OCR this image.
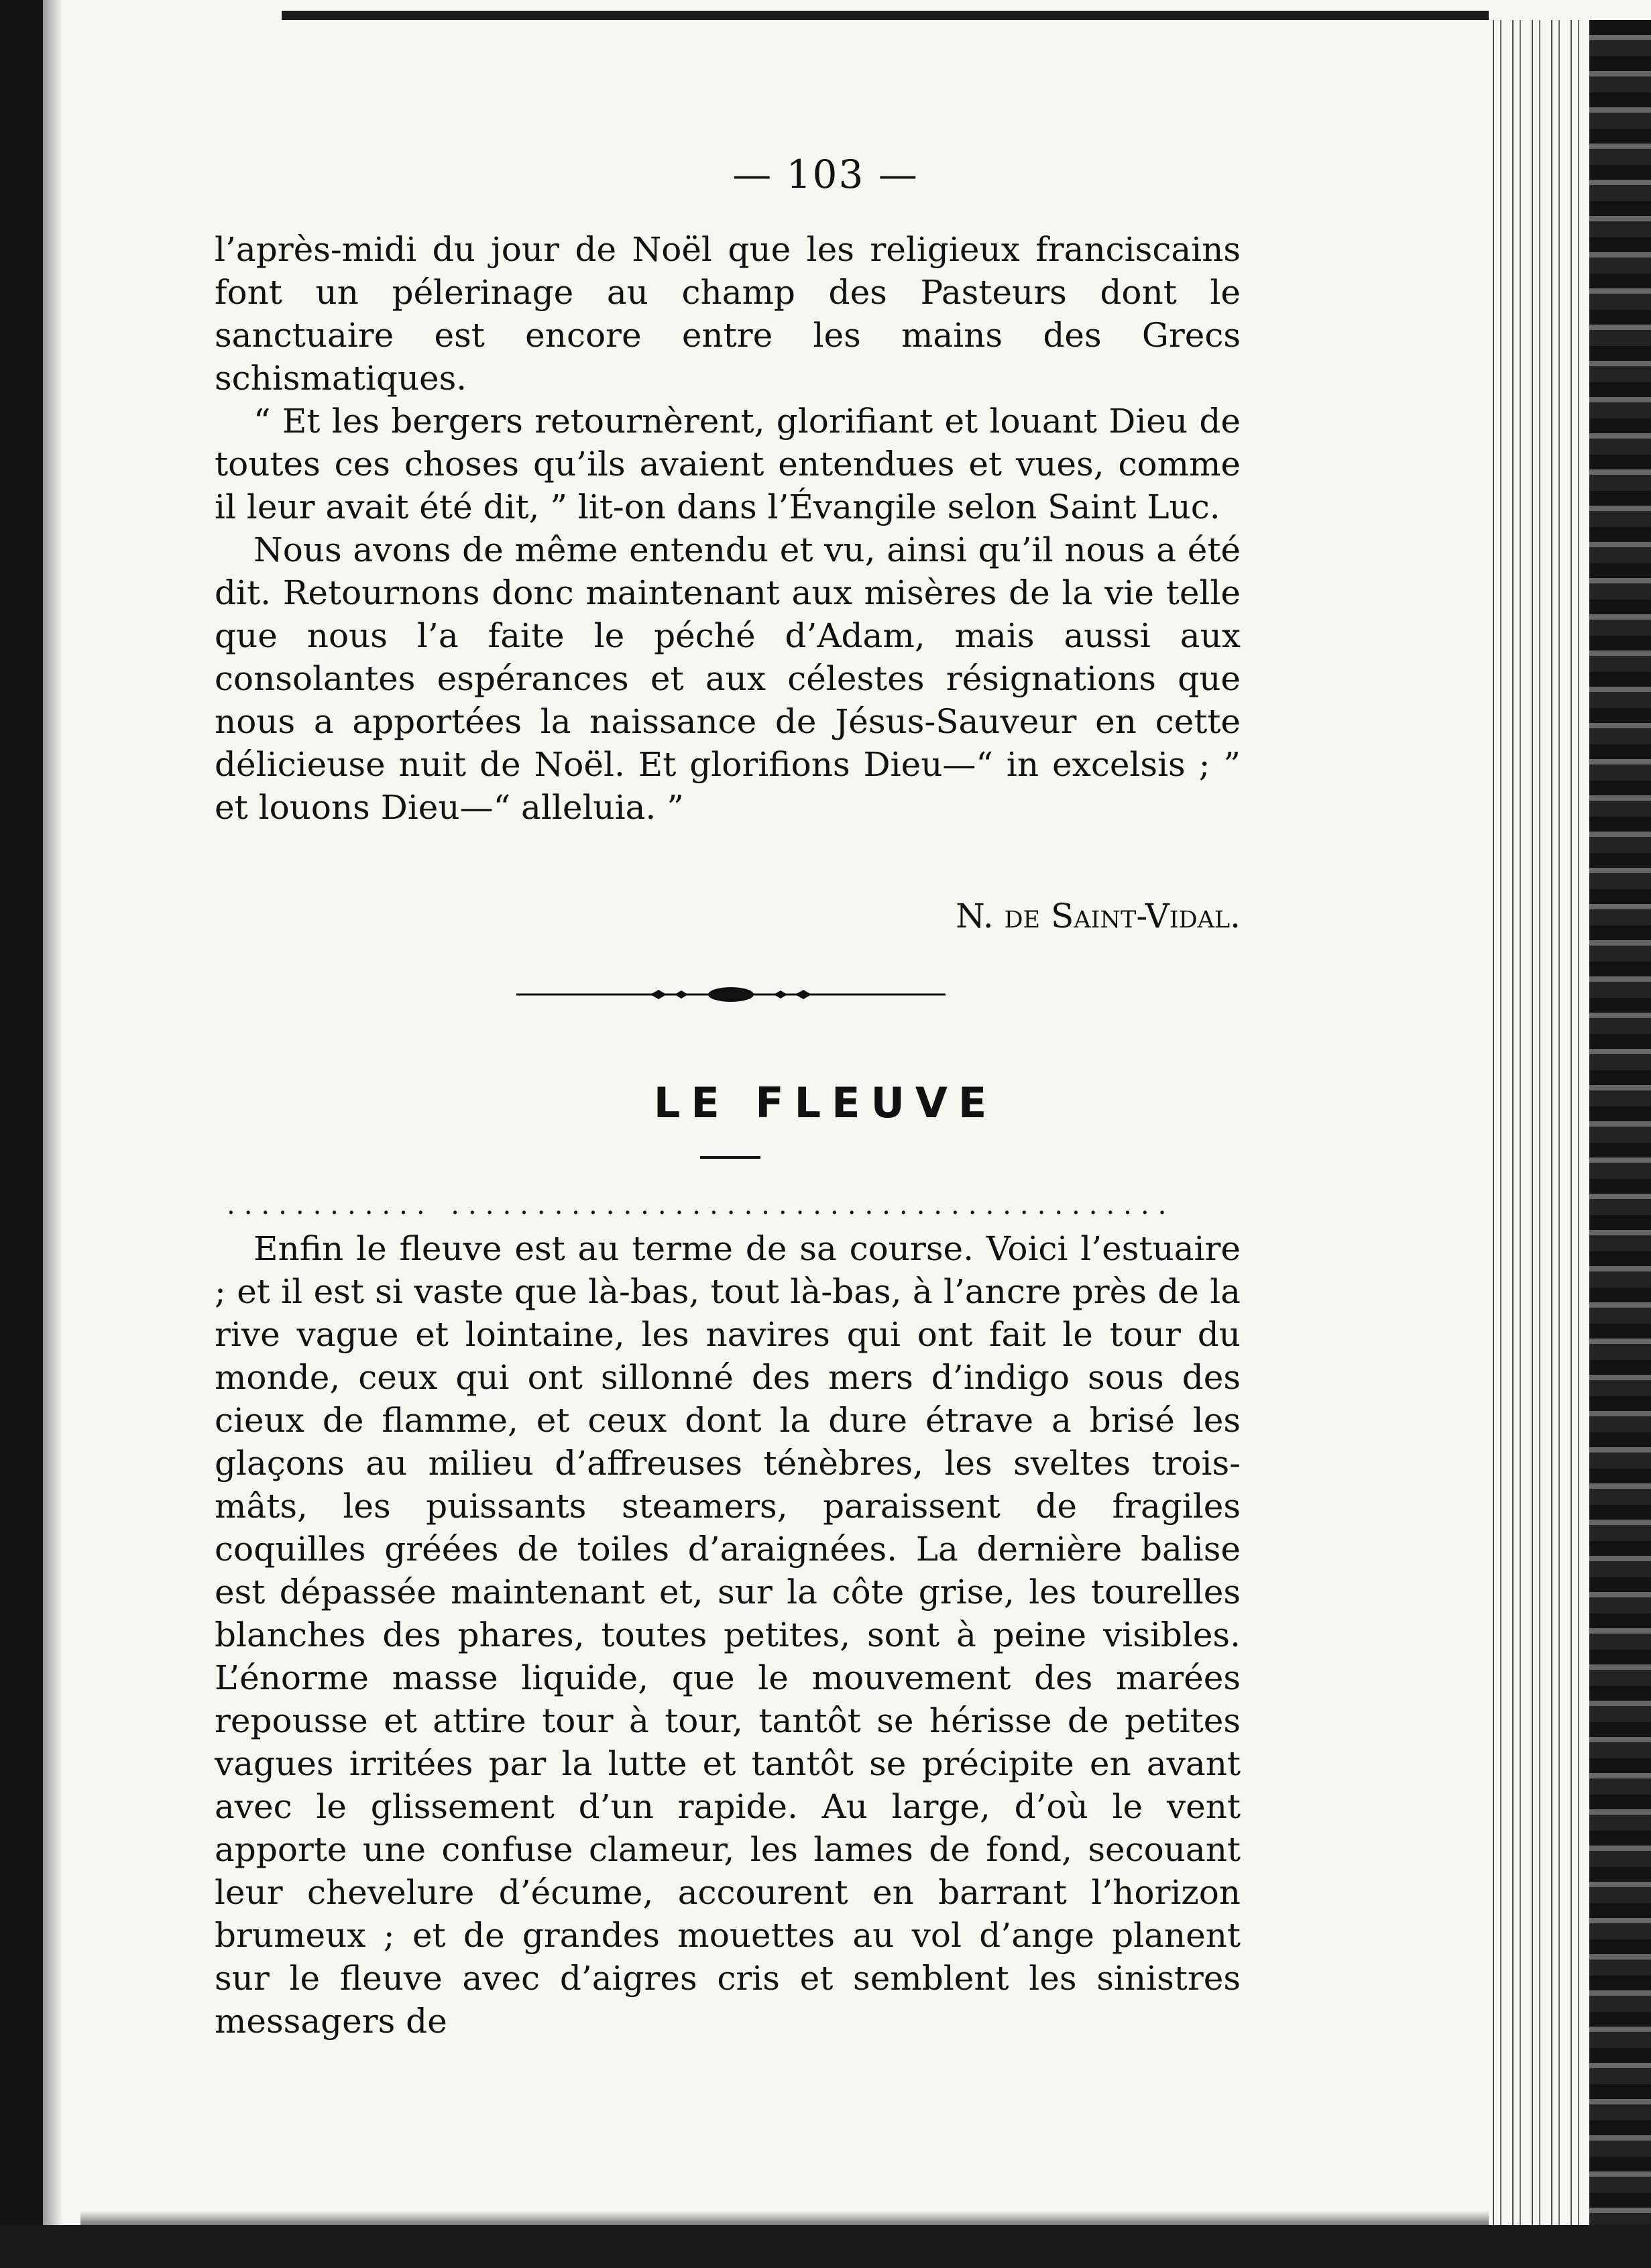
— 103 —

l’après-midi du jour de Noël que les religieux franciscains font un pélerinage au champ des Pasteurs dont le sanctuaire est encore entre les mains des Grecs schismatiques.

“ Et les bergers retournèrent, glorifiant et louant Dieu de toutes ces choses qu’ils avaient entendues et vues, comme il leur avait été dit, ” lit-on dans l’Évangile selon Saint Luc.

Nous avons de même entendu et vu, ainsi qu’il nous a été dit. Retournons donc maintenant aux misères de la vie telle que nous l’a faite le péché d’Adam, mais aussi aux consolantes espérances et aux célestes résignations que nous a apportées la naissance de Jésus-Sauveur en cette délicieuse nuit de Noël. Et glorifions Dieu—“ in excelsis ; ” et louons Dieu—“ alleluia. ”

N. de Saint-Vidal.
LE FLEUVE
............ ..........................................

Enfin le fleuve est au terme de sa course. Voici l’estuaire ; et il est si vaste que là-bas, tout là-bas, à l’ancre près de la rive vague et lointaine, les navires qui ont fait le tour du monde, ceux qui ont sillonné des mers d’indigo sous des cieux de flamme, et ceux dont la dure étrave a brisé les glaçons au milieu d’affreuses ténèbres, les sveltes trois-mâts, les puissants steamers, paraissent de fragiles coquilles gréées de toiles d’araignées. La dernière balise est dépassée maintenant et, sur la côte grise, les tourelles blanches des phares, toutes petites, sont à peine visibles. L’énorme masse liquide, que le mouvement des marées repousse et attire tour à tour, tantôt se hérisse de petites vagues irritées par la lutte et tantôt se précipite en avant avec le glissement d’un rapide. Au large, d’où le vent apporte une confuse clameur, les lames de fond, secouant leur chevelure d’écume, accourent en barrant l’horizon brumeux ; et de grandes mouettes au vol d’ange planent sur le fleuve avec d’aigres cris et semblent les sinistres messagers de
